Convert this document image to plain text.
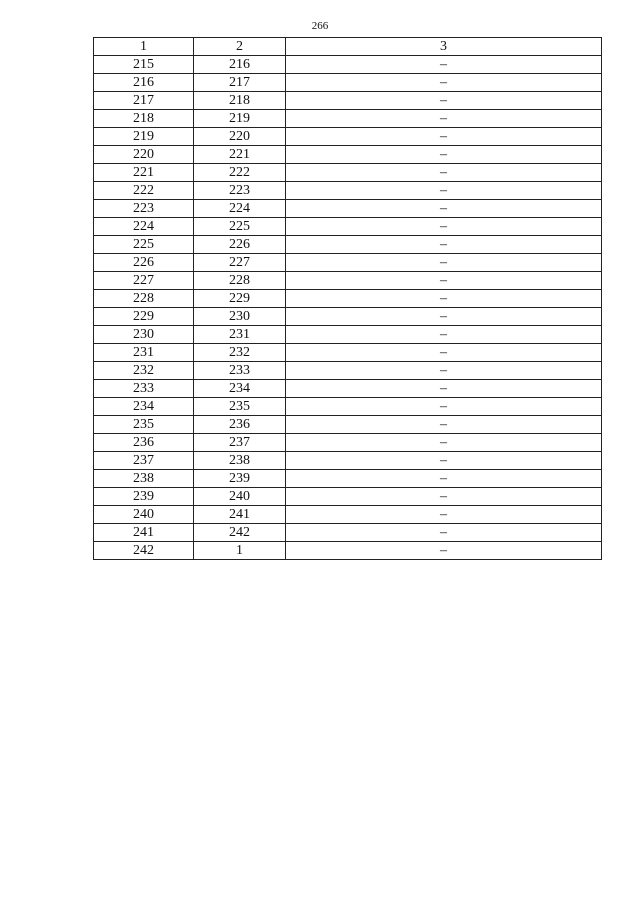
266
1	2	3
215	216	–
216	217	–
217	218	–
218	219	–
219	220	–
220	221	–
221	222	–
222	223	–
223	224	–
224	225	–
225	226	–
226	227	–
227	228	–
228	229	–
229	230	–
230	231	–
231	232	–
232	233	–
233	234	–
234	235	–
235	236	–
236	237	–
237	238	–
238	239	–
239	240	–
240	241	–
241	242	–
242	1	–
